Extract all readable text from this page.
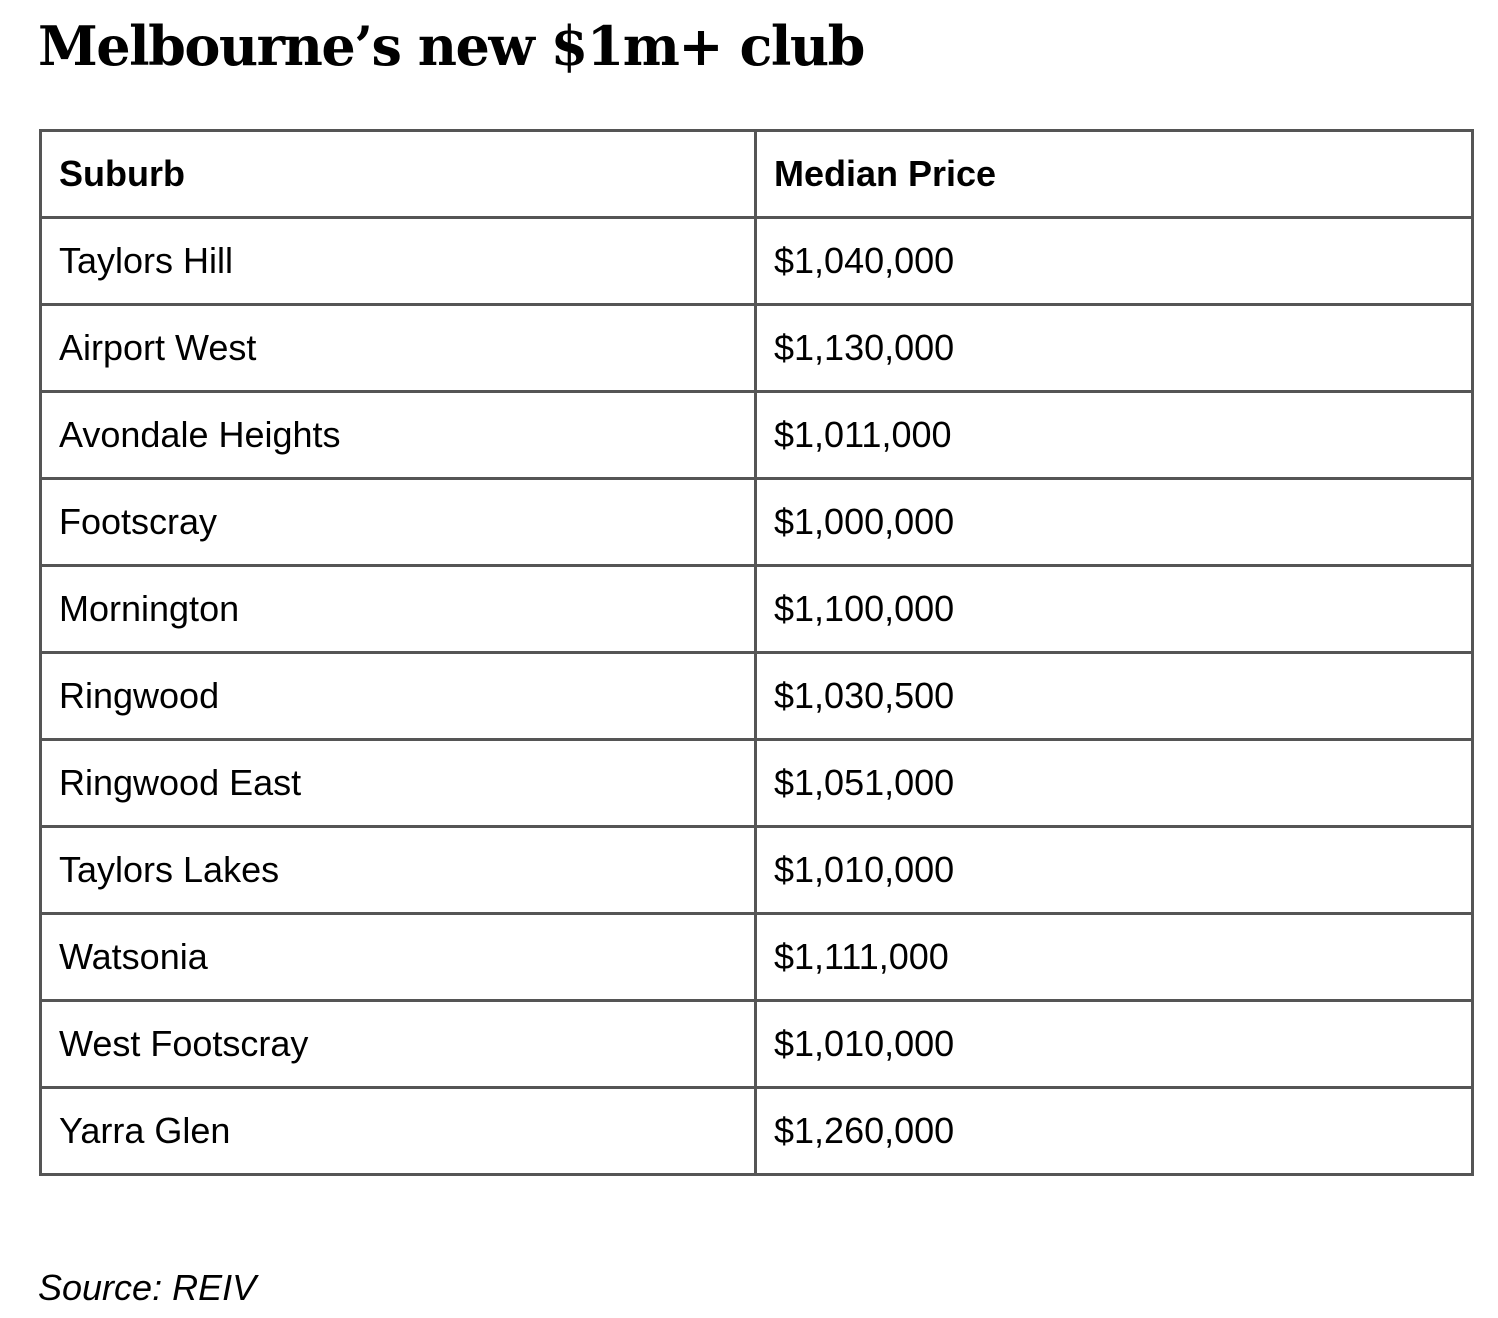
Melbourne’s new $1m+ club
Suburb	Median Price
Taylors Hill	$1,040,000
Airport West	$1,130,000
Avondale Heights	$1,011,000
Footscray	$1,000,000
Mornington	$1,100,000
Ringwood	$1,030,500
Ringwood East	$1,051,000
Taylors Lakes	$1,010,000
Watsonia	$1,111,000
West Footscray	$1,010,000
Yarra Glen	$1,260,000

Source: REIV
